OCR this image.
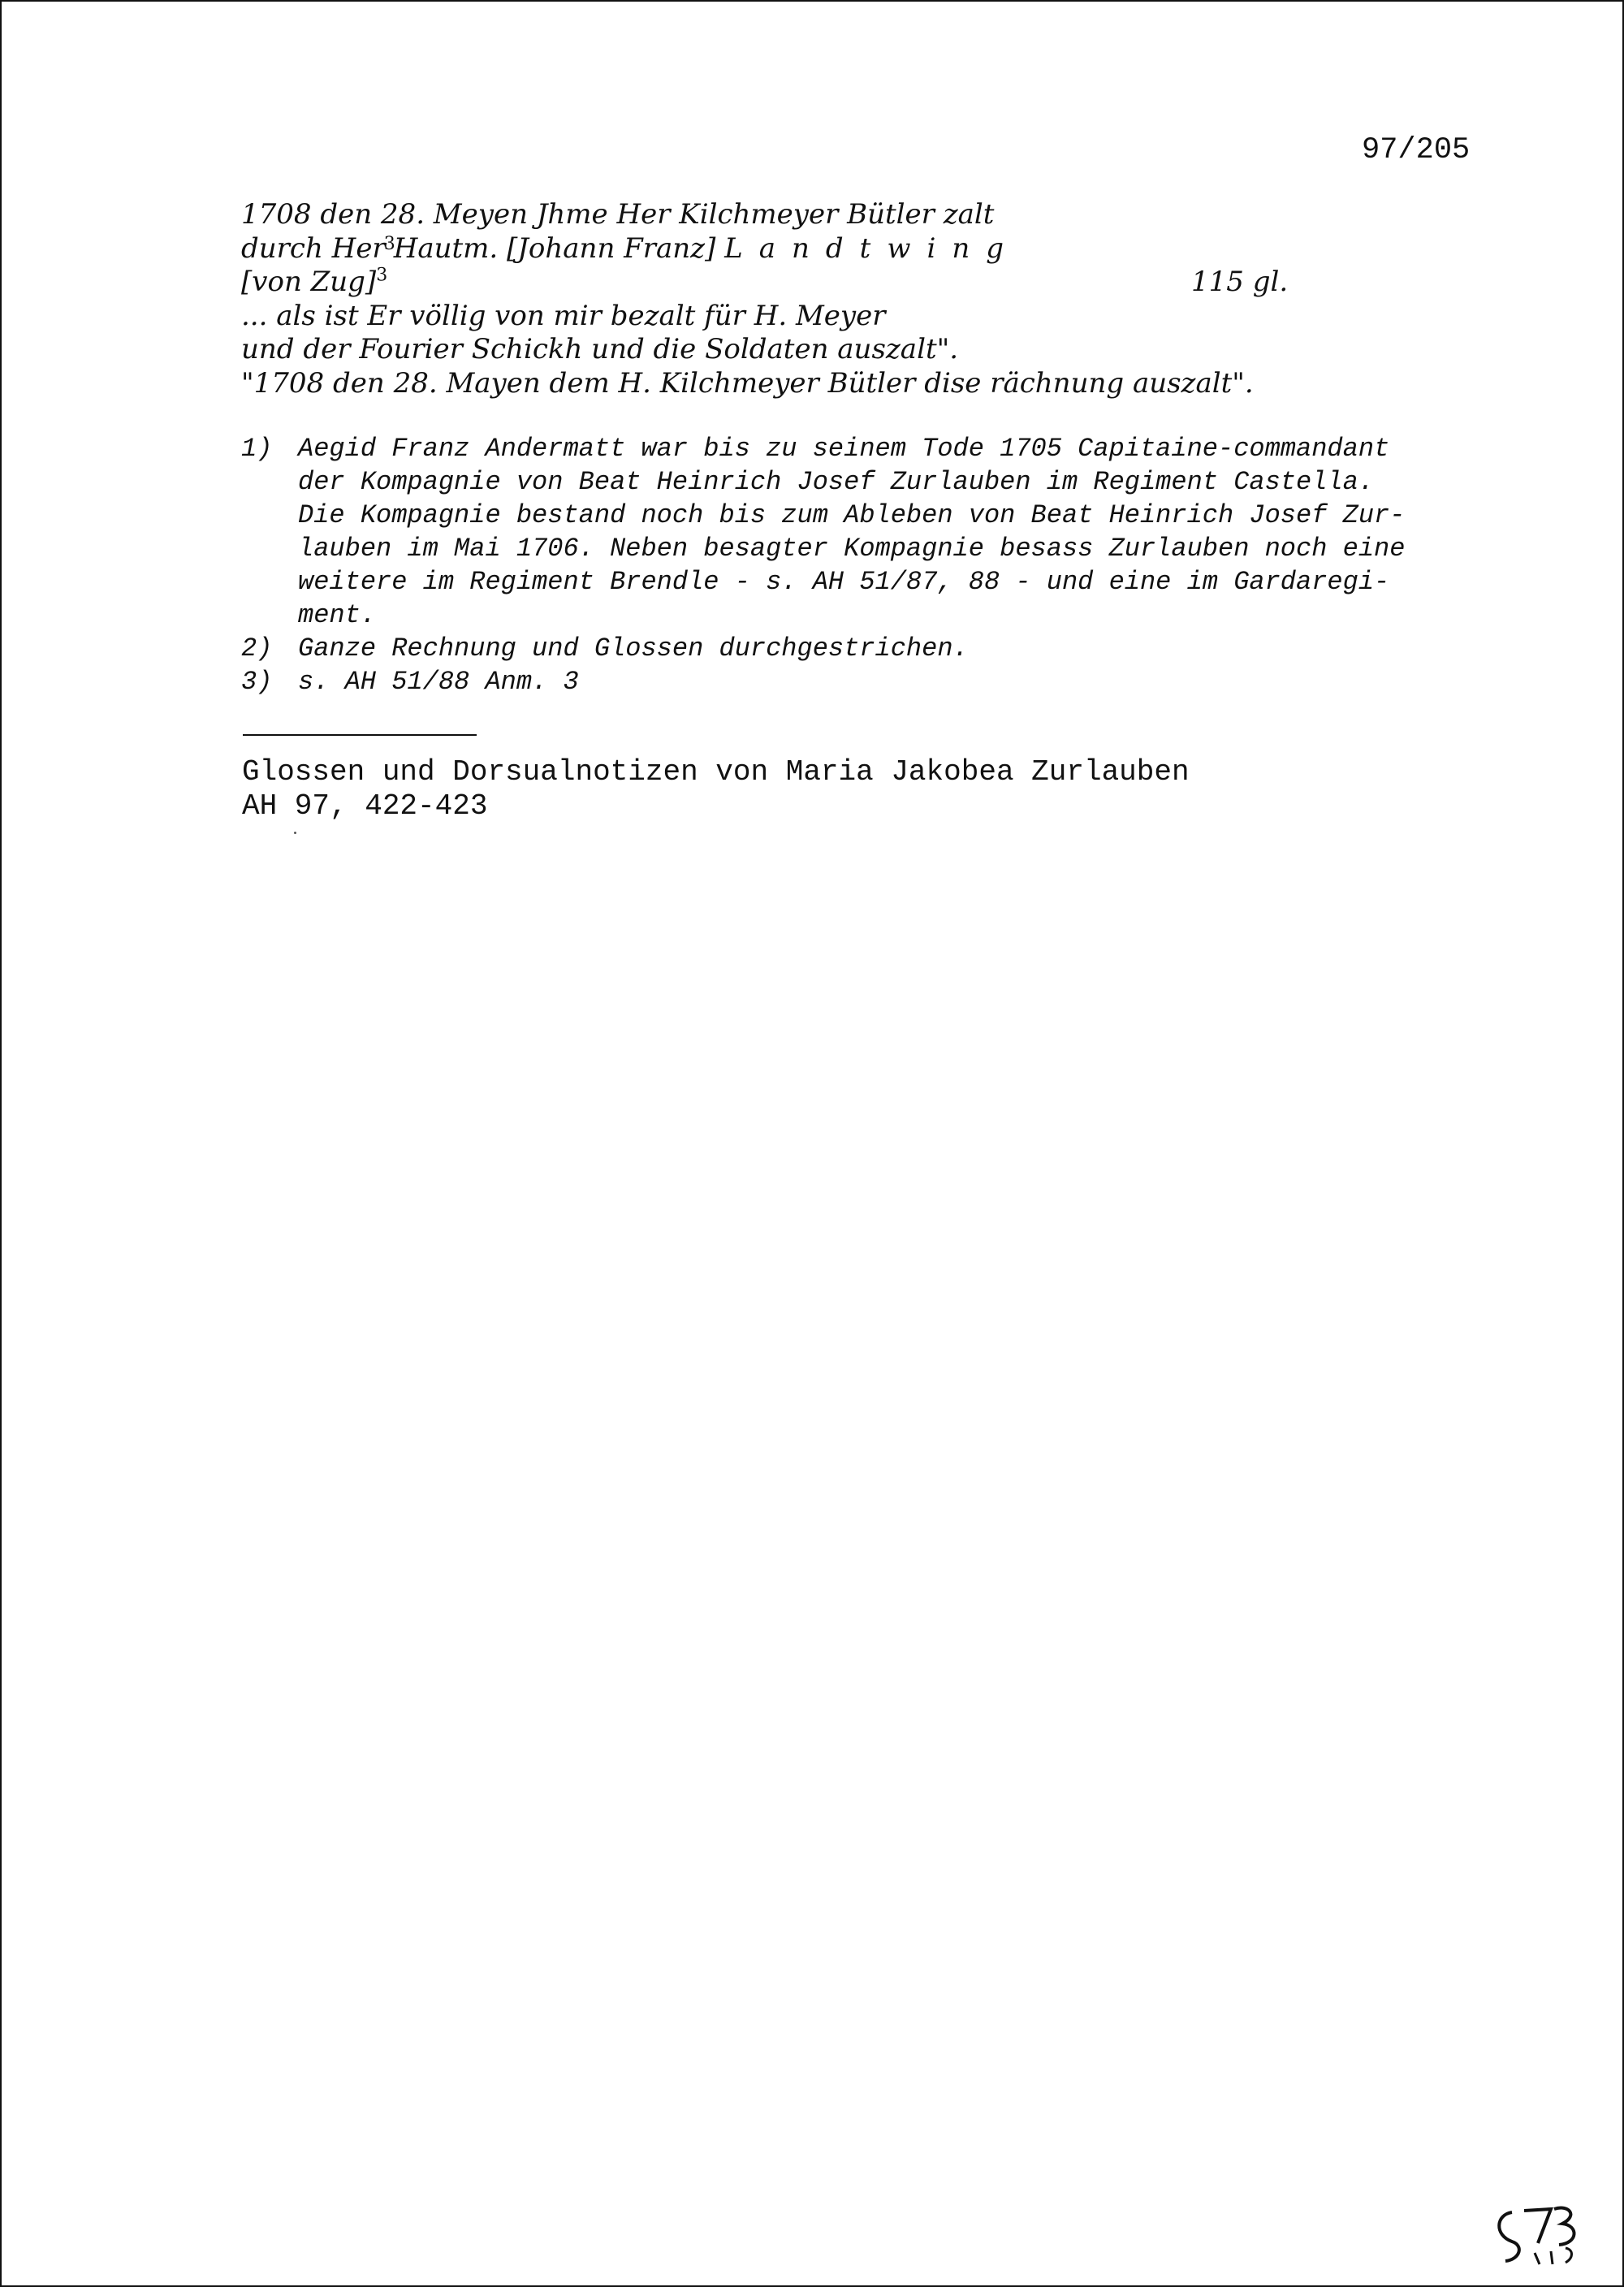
97/205
1708 den 28. Meyen Jhme Her Kilchmeyer Bütler zalt
durch Her$_3$Hautm. [Johann Franz] Landtwing
[von Zug]$^3$	115 gl.
... als ist Er völlig von mir bezalt für H. Meyer
und der Fourier Schickh und die Soldaten auszalt".
"1708 den 28. Mayen dem H. Kilchmeyer Bütler dise rächnung auszalt".
1) Aegid Franz Andermatt war bis zu seinem Tode 1705 Capitaine-commandant
der Kompagnie von Beat Heinrich Josef Zurlauben im Regiment Castella.
Die Kompagnie bestand noch bis zum Ableben von Beat Heinrich Josef Zur-
lauben im Mai 1706. Neben besagter Kompagnie besass Zurlauben noch eine
weitere im Regiment Brendle - s. AH 51/87, 88 - und eine im Gardaregi-
ment.
2) Ganze Rechnung und Glossen durchgestrichen.
3) s. AH 51/88 Anm. 3
Glossen und Dorsualnotizen von Maria Jakobea Zurlauben
AH 97, 422-423
